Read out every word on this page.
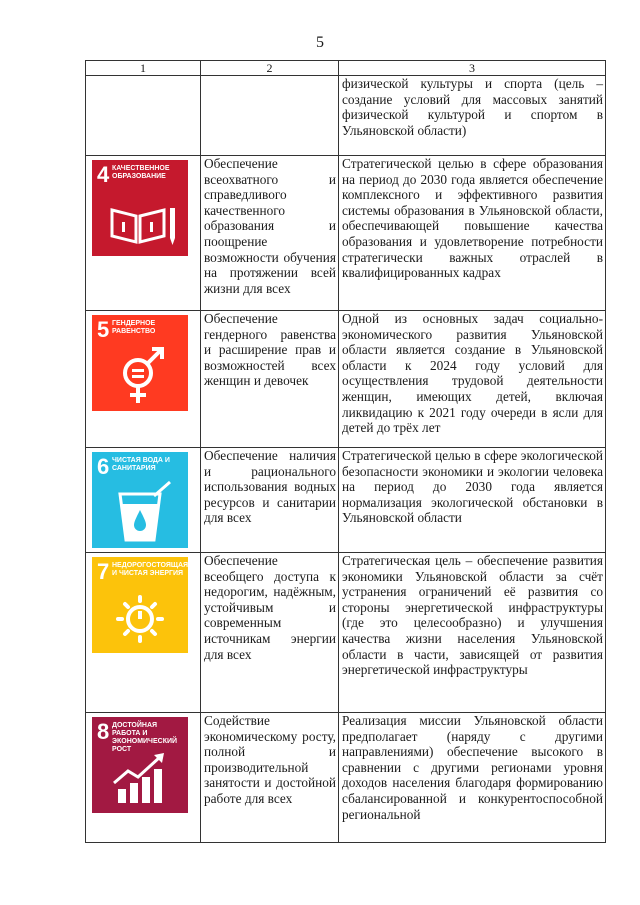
5
1	2	3

		физической культуры и спорта (цель – создание условий для массовых занятий физической культурой и спортом в Ульяновской области)

4 КАЧЕСТВЕННОЕ ОБРАЗОВАНИЕ	Обеспечение всеохватного и справедливого качественного образования и поощрение возможности обучения на протяжении всей жизни для всех	Стратегической целью в сфере образования на период до 2030 года является обеспечение комплексного и эффективного развития системы образования в Ульяновской области, обеспечивающей повышение качества образования и удовлетворение потребности стратегически важных отраслей в квалифицированных кадрах

5 ГЕНДЕРНОЕ РАВЕНСТВО	Обеспечение гендерного равенства и расширение прав и возможностей всех женщин и девочек	Одной из основных задач социально-экономического развития Ульяновской области является создание в Ульяновской области к 2024 году условий для осуществления трудовой деятельности женщин, имеющих детей, включая ликвидацию к 2021 году очереди в ясли для детей до трёх лет

6 ЧИСТАЯ ВОДА И САНИТАРИЯ	Обеспечение наличия и рационального использования водных ресурсов и санитарии для всех	Стратегической целью в сфере экологической безопасности экономики и экологии человека на период до 2030 года является нормализация экологической обстановки в Ульяновской области

7 НЕДОРОГОСТОЯЩАЯ И ЧИСТАЯ ЭНЕРГИЯ	Обеспечение всеобщего доступа к недорогим, надёжным, устойчивым и современным источникам энергии для всех	Стратегическая цель – обеспечение развития экономики Ульяновской области за счёт устранения ограничений её развития со стороны энергетической инфраструктуры (где это целесообразно) и улучшения качества жизни населения Ульяновской области в части, зависящей от развития энергетической инфраструктуры

8 ДОСТОЙНАЯ РАБОТА И ЭКОНОМИЧЕСКИЙ РОСТ	Содействие экономическому росту, полной и производительной занятости и достойной работе для всех	Реализация миссии Ульяновской области предполагает (наряду с другими направлениями) обеспечение высокого в сравнении с другими регионами уровня доходов населения благодаря формированию сбалансированной и конкурентоспособной региональной
